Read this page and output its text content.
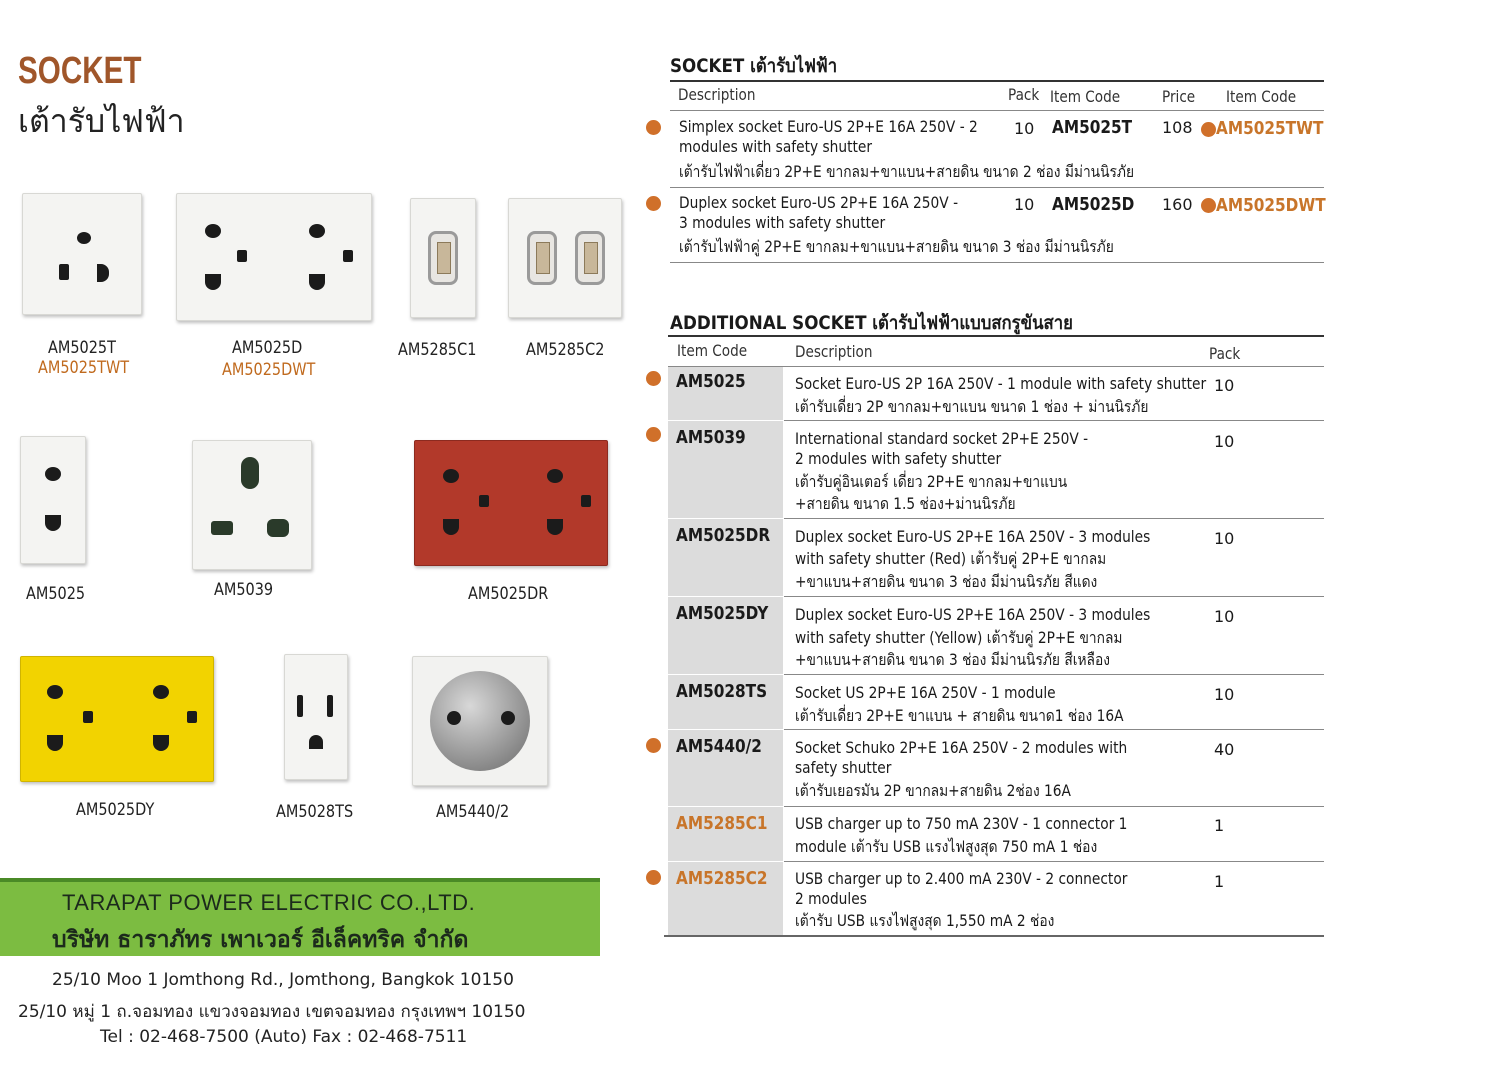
SOCKET
เต้ารับไฟฟ้า
AM5025T
AM5025TWT
AM5025D
AM5025DWT
AM5285C1	AM5285C2
AM5025	AM5039	AM5025DR
AM5025DY	AM5028TS	AM5440/2
TARAPAT POWER ELECTRIC CO.,LTD.
บริษัท ธาราภัทร เพาเวอร์ อีเล็คทริค จำกัด
25/10 Moo 1 Jomthong Rd., Jomthong, Bangkok 10150
25/10 หมู่ 1 ถ.จอมทอง แขวงจอมทอง เขตจอมทอง กรุงเทพฯ 10150
Tel : 02-468-7500 (Auto) Fax : 02-468-7511
SOCKET เต้ารับไฟฟ้า
Description	Pack Item Code	Price Item Code
Simplex socket Euro-US 2P+E 16A 250V - 2
modules with safety shutter
เต้ารับไฟฟ้าเดี่ยว 2P+E ขากลม+ขาแบน+สายดิน ขนาด 2 ช่อง มีม่านนิรภัย
10 AM5025T 108 AM5025TWT
Duplex socket Euro-US 2P+E 16A 250V -
3 modules with safety shutter
เต้ารับไฟฟ้าคู่ 2P+E ขากลม+ขาแบน+สายดิน ขนาด 3 ช่อง มีม่านนิรภัย
10 AM5025D 160 AM5025DWT
ADDITIONAL SOCKET เต้ารับไฟฟ้าแบบสกรูขันสาย
Item Code	Description	Pack
AM5025	Socket Euro-US 2P 16A 250V - 1 module with safety shutter
เต้ารับเดี่ยว 2P ขากลม+ขาแบน ขนาด 1 ช่อง + ม่านนิรภัย
10
AM5039	International standard socket 2P+E 250V -
2 modules with safety shutter
เต้ารับคู่อินเตอร์ เดี่ยว 2P+E ขากลม+ขาแบน
+สายดิน ขนาด 1.5 ช่อง+ม่านนิรภัย
10
AM5025DR Duplex socket Euro-US 2P+E 16A 250V - 3 modules
with safety shutter (Red) เต้ารับคู่ 2P+E ขากลม
+ขาแบน+สายดิน ขนาด 3 ช่อง มีม่านนิรภัย สีแดง
10
AM5025DY Duplex socket Euro-US 2P+E 16A 250V - 3 modules
with safety shutter (Yellow) เต้ารับคู่ 2P+E ขากลม
+ขาแบน+สายดิน ขนาด 3 ช่อง มีม่านนิรภัย สีเหลือง
10
AM5028TS Socket US 2P+E 16A 250V - 1 module
เต้ารับเดี่ยว 2P+E ขาแบน + สายดิน ขนาด1 ช่อง 16A
10
AM5440/2 Socket Schuko 2P+E 16A 250V - 2 modules with
safety shutter
เต้ารับเยอรมัน 2P ขากลม+สายดิน 2ช่อง 16A
40
AM5285C1 USB charger up to 750 mA 230V - 1 connector 1
module เต้ารับ USB แรงไฟสูงสุด 750 mA 1 ช่อง
1
AM5285C2 USB charger up to 2.400 mA 230V - 2 connector
2 modules
เต้ารับ USB แรงไฟสูงสุด 1,550 mA 2 ช่อง
1
